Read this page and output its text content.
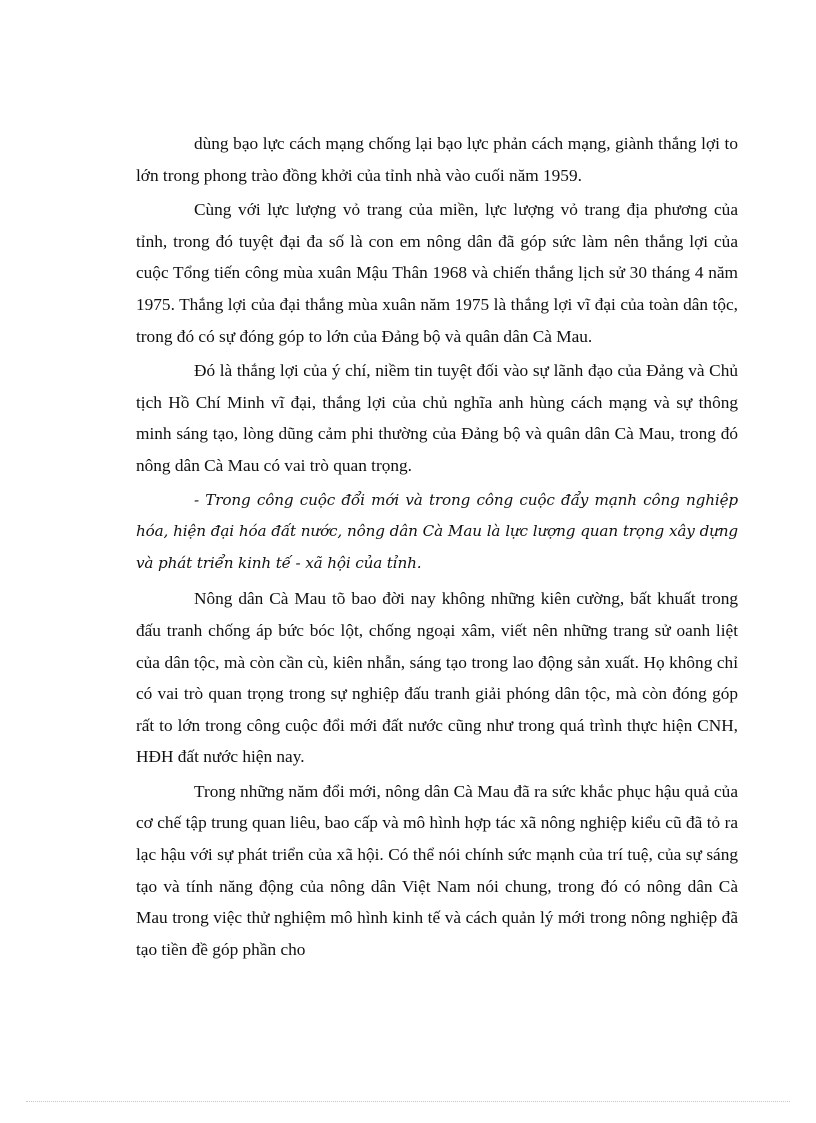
dùng bạo lực cách mạng chống lại bạo lực phản cách mạng, giành thắng lợi to lớn trong phong trào đồng khởi của tỉnh nhà vào cuối năm 1959.

Cùng với lực lượng vỏ trang của miền, lực lượng vỏ trang địa phương của tỉnh, trong đó tuyệt đại đa số là con em nông dân đã góp sức làm nên thắng lợi của cuộc Tổng tiến công mùa xuân Mậu Thân 1968 và chiến thắng lịch sử 30 tháng 4 năm 1975. Thắng lợi của đại thắng mùa xuân năm 1975 là thắng lợi vĩ đại của toàn dân tộc, trong đó có sự đóng góp to lớn của Đảng bộ và quân dân Cà Mau.

Đó là thắng lợi của ý chí, niềm tin tuyệt đối vào sự lãnh đạo của Đảng và Chủ tịch Hồ Chí Minh vĩ đại, thắng lợi của chủ nghĩa anh hùng cách mạng và sự thông minh sáng tạo, lòng dũng cảm phi thường của Đảng bộ và quân dân Cà Mau, trong đó nông dân Cà Mau có vai trò quan trọng.

- Trong công cuộc đổi mới và trong công cuộc đẩy mạnh công nghiệp hóa, hiện đại hóa đất nước, nông dân Cà Mau là lực lượng quan trọng xây dựng và phát triển kinh tế - xã hội của tỉnh.

Nông dân Cà Mau tõ bao đời nay không những kiên cường, bất khuất trong đấu tranh chống áp bức bóc lột, chống ngoại xâm, viết nên những trang sử oanh liệt của dân tộc, mà còn cần cù, kiên nhẫn, sáng tạo trong lao động sản xuất. Họ không chỉ có vai trò quan trọng trong sự nghiệp đấu tranh giải phóng dân tộc, mà còn đóng góp rất to lớn trong công cuộc đổi mới đất nước cũng như trong quá trình thực hiện CNH, HĐH đất nước hiện nay.

Trong những năm đổi mới, nông dân Cà Mau đã ra sức khắc phục hậu quả của cơ chế tập trung quan liêu, bao cấp và mô hình hợp tác xã nông nghiệp kiểu cũ đã tỏ ra lạc hậu với sự phát triển của xã hội. Có thể nói chính sức mạnh của trí tuệ, của sự sáng tạo và tính năng động của nông dân Việt Nam nói chung, trong đó có nông dân Cà Mau trong việc thử nghiệm mô hình kinh tế và cách quản lý mới trong nông nghiệp đã tạo tiền đề góp phần cho
